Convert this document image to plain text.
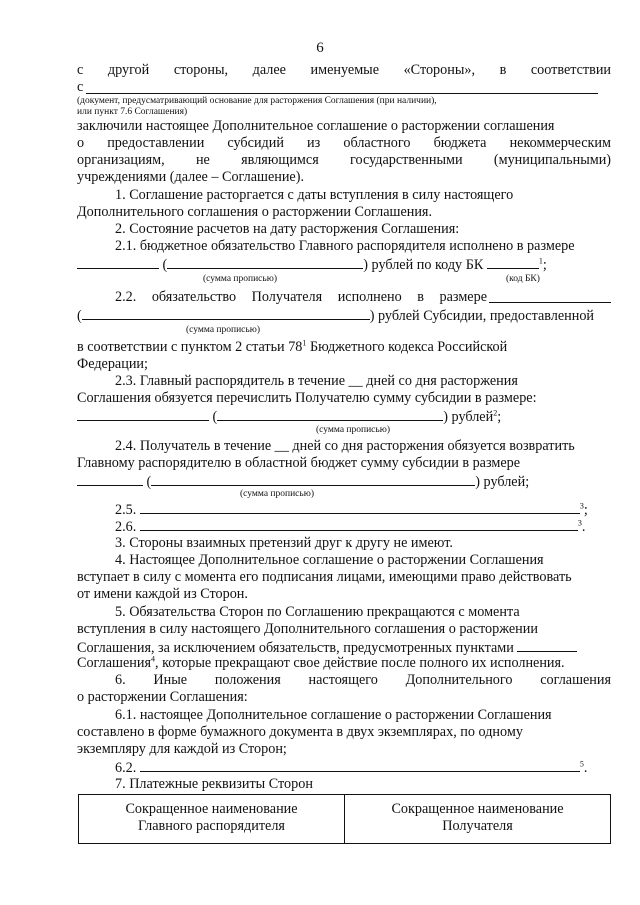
6
с другой стороны, далее именуемые «Стороны», в соответствии
с
(документ, предусматривающий основание для расторжения Соглашения (при наличии),
или пункт 7.6 Соглашения)
заключили настоящее Дополнительное соглашение о расторжении соглашения
о предоставлении субсидий из областного бюджета некоммерческим
организациям, не являющимся государственными (муниципальными)
учреждениями (далее – Соглашение).
1. Соглашение расторгается с даты вступления в силу настоящего
Дополнительного соглашения о расторжении Соглашения.
2. Состояние расчетов на дату расторжения Соглашения:
2.1. бюджетное обязательство Главного распорядителя исполнено в размере
(	) рублей по коду БК	$^1$;
(сумма прописью)	(код БК)
2.2. обязательство Получателя исполнено в размере
(	) рублей Субсидии, предоставленной
(сумма прописью)
в соответствии с пунктом 2 статьи $78^1$ Бюджетного кодекса Российской
Федерации;
2.3. Главный распорядитель в течение __ дней со дня расторжения
Соглашения обязуется перечислить Получателю сумму субсидии в размере:
(	) рублей$^2$;
(сумма прописью)
2.4. Получатель в течение __ дней со дня расторжения обязуется возвратить
Главному распорядителю в областной бюджет сумму субсидии в размере
(	) рублей;
(сумма прописью)
2.5.	$^3$;
2.6.	$^3$.
3. Стороны взаимных претензий друг к другу не имеют.
4. Настоящее Дополнительное соглашение о расторжении Соглашения
вступает в силу с момента его подписания лицами, имеющими право действовать
от имени каждой из Сторон.
5. Обязательства Сторон по Соглашению прекращаются с момента
вступления в силу настоящего Дополнительного соглашения о расторжении
Соглашения, за исключением обязательств, предусмотренных пунктами
Соглашения$^4$, которые прекращают свое действие после полного их исполнения.
6. Иные положения настоящего Дополнительного соглашения
о расторжении Соглашения:
6.1. настоящее Дополнительное соглашение о расторжении Соглашения
составлено в форме бумажного документа в двух экземплярах, по одному
экземпляру для каждой из Сторон;
6.2.	$^5$.
7. Платежные реквизиты Сторон
Сокращенное наименование
Главного распорядителя	Сокращенное наименование
Получателя
